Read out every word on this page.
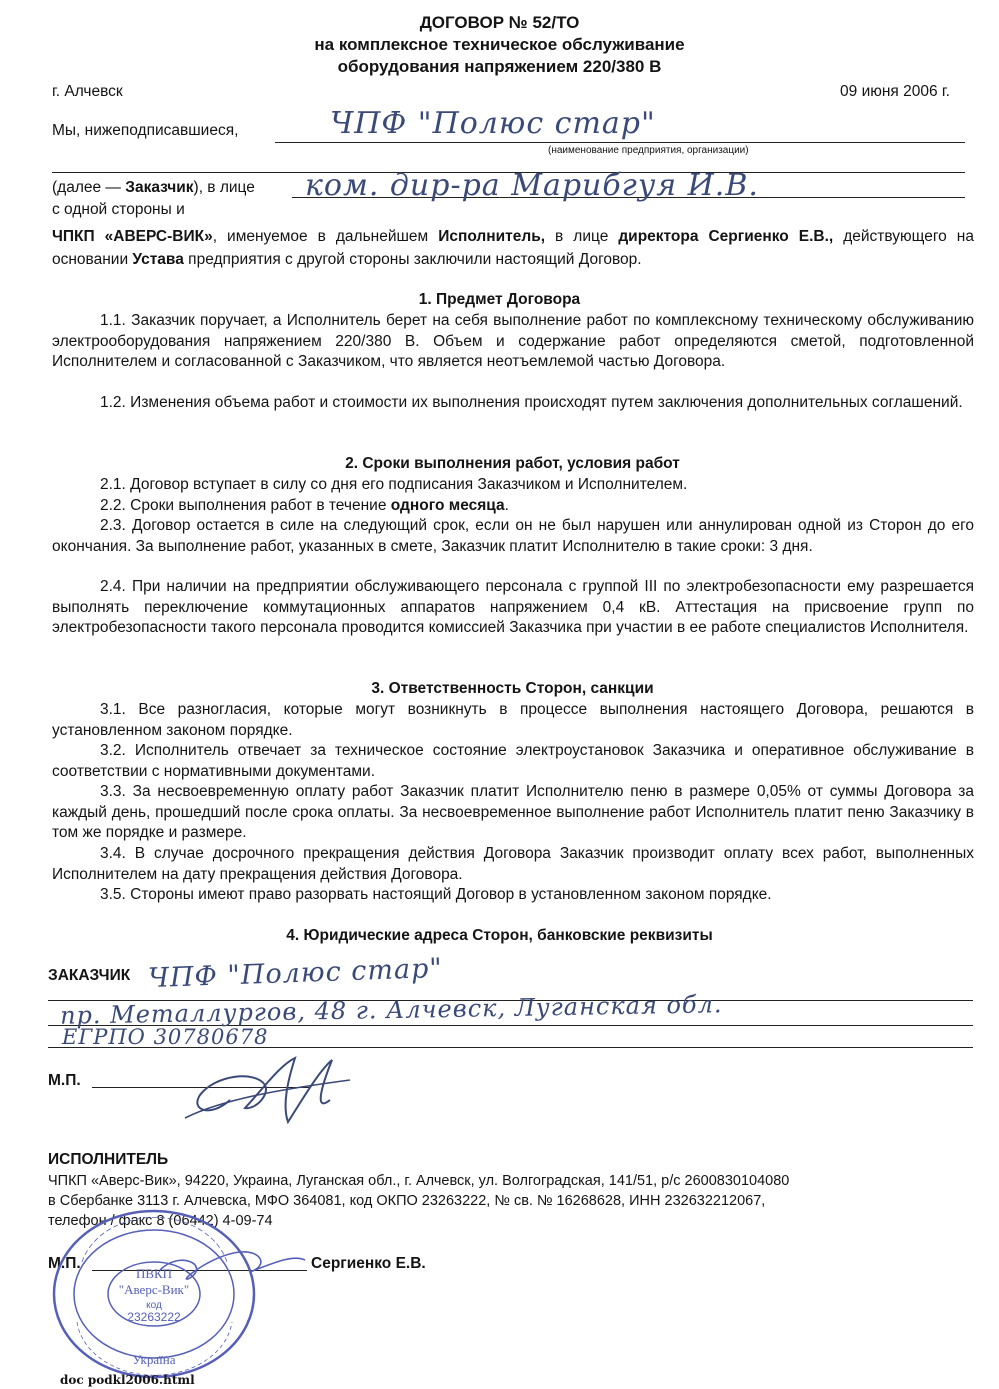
ДОГОВОР № 52/ТО
на комплексное техническое обслуживание
оборудования напряжением 220/380 В
г. Алчевск	09 июня 2006 г.
Мы, нижеподписавшиеся,	ЧПФ "Полюс стар"
(наименование предприятия, организации)
(далее — Заказчик), в лице ком. дир-ра Марибгуя И.В.
с одной стороны и

ЧПКП «АВЕРС-ВИК», именуемое в дальнейшем Исполнитель, в лице директора Сергиенко Е.В., действующего на основании Устава предприятия с другой стороны заключили настоящий Договор.

1. Предмет Договора

1.1. Заказчик поручает, а Исполнитель берет на себя выполнение работ по комплексному техническому обслуживанию электрооборудования напряжением 220/380 В. Объем и содержание работ определяются сметой, подготовленной Исполнителем и согласованной с Заказчиком, что является неотъемлемой частью Договора.

1.2. Изменения объема работ и стоимости их выполнения происходят путем заключения дополнительных соглашений.

2. Сроки выполнения работ, условия работ

2.1. Договор вступает в силу со дня его подписания Заказчиком и Исполнителем.

2.2. Сроки выполнения работ в течение одного месяца.

2.3. Договор остается в силе на следующий срок, если он не был нарушен или аннулирован одной из Сторон до его окончания. За выполнение работ, указанных в смете, Заказчик платит Исполнителю в такие сроки: 3 дня.

2.4. При наличии на предприятии обслуживающего персонала с группой III по электробезопасности ему разрешается выполнять переключение коммутационных аппаратов напряжением 0,4 кВ. Аттестация на присвоение групп по электробезопасности такого персонала проводится комиссией Заказчика при участии в ее работе специалистов Исполнителя.

3. Ответственность Сторон, санкции

3.1. Все разногласия, которые могут возникнуть в процессе выполнения настоящего Договора, решаются в установленном законом порядке.

3.2. Исполнитель отвечает за техническое состояние электроустановок Заказчика и оперативное обслуживание в соответствии с нормативными документами.

3.3. За несвоевременную оплату работ Заказчик платит Исполнителю пеню в размере 0,05% от суммы Договора за каждый день, прошедший после срока оплаты. За несвоевременное выполнение работ Исполнитель платит пеню Заказчику в том же порядке и размере.

3.4. В случае досрочного прекращения действия Договора Заказчик производит оплату всех работ, выполненных Исполнителем на дату прекращения действия Договора.

3.5. Стороны имеют право разорвать настоящий Договор в установленном законом порядке.

4. Юридические адреса Сторон, банковские реквизиты
ЗАКАЗЧИК ЧПФ "Полюс стар"
пр. Металлургов, 48 г. Алчевск, Луганская обл.
ЕГРПО 30780678
М.П.
ИСПОЛНИТЕЛЬ
ЧПКП «Аверс-Вик», 94220, Украина, Луганская обл., г. Алчевск, ул. Волгоградская, 141/51, р/с 2600830104080
в Сбербанке 3113 г. Алчевска, МФО 364081, код ОКПО 23263222, № св. № 16268628, ИНН 232632212067,
телефон / факс 8 (06442) 4-09-74
М.П.	Сергиенко Е.В.
ПВКП
"Аверс-Вик"
код
23263222
Україна
doc podkl2006.html
